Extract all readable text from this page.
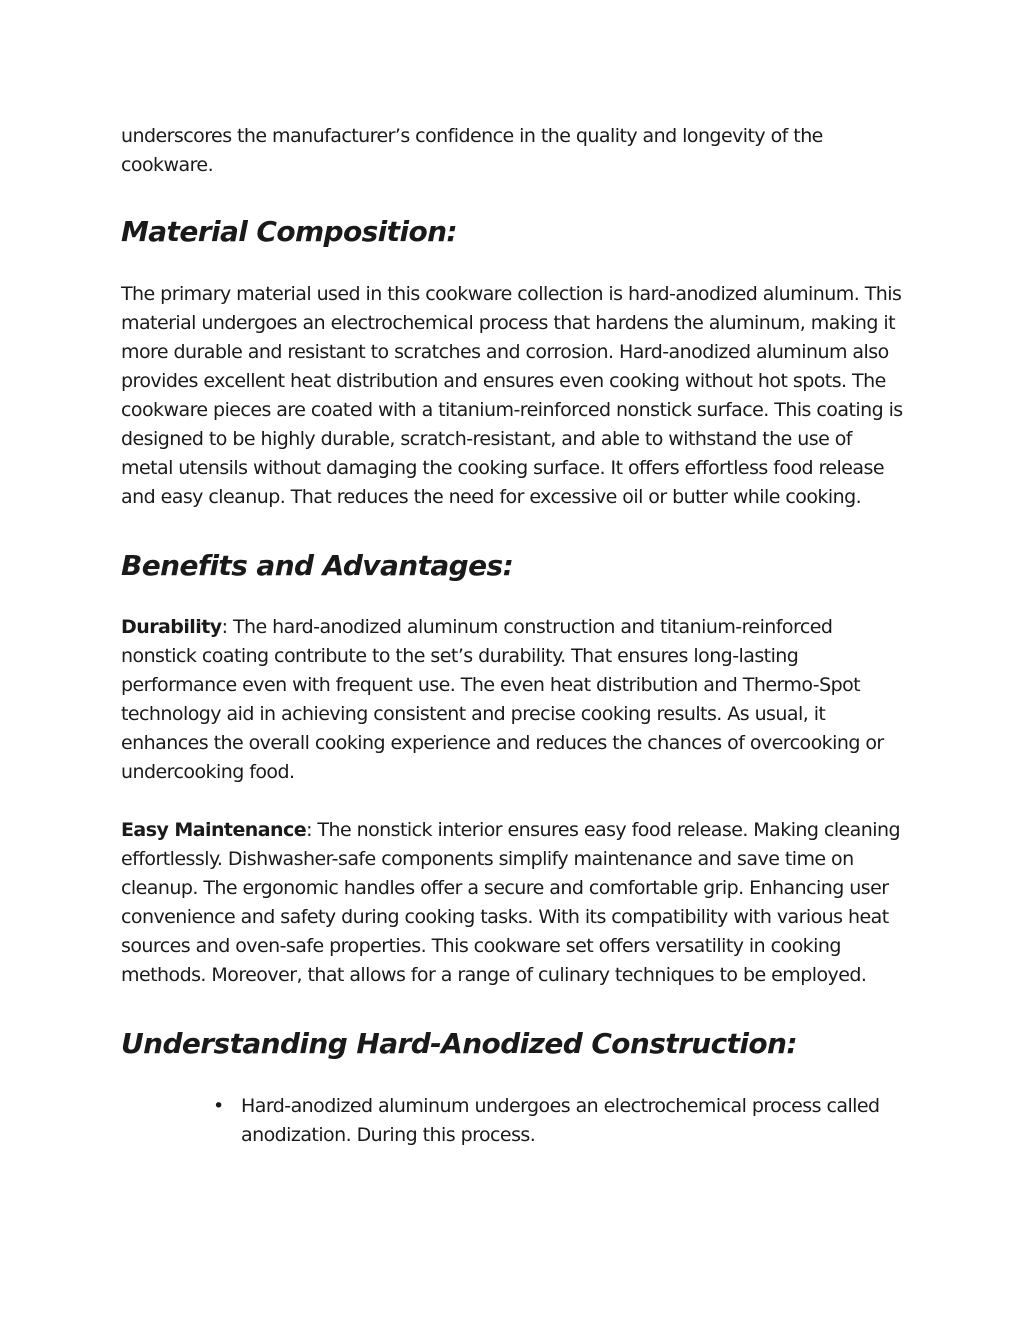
underscores the manufacturer’s confidence in the quality and longevity of the cookware.

Material Composition:

The primary material used in this cookware collection is hard-anodized aluminum. This material undergoes an electrochemical process that hardens the aluminum, making it more durable and resistant to scratches and corrosion. Hard-anodized aluminum also provides excellent heat distribution and ensures even cooking without hot spots. The cookware pieces are coated with a titanium-reinforced nonstick surface. This coating is designed to be highly durable, scratch-resistant, and able to withstand the use of metal utensils without damaging the cooking surface. It offers effortless food release and easy cleanup. That reduces the need for excessive oil or butter while cooking.

Benefits and Advantages:

Durability: The hard-anodized aluminum construction and titanium-reinforced nonstick coating contribute to the set’s durability. That ensures long-lasting performance even with frequent use. The even heat distribution and Thermo-Spot technology aid in achieving consistent and precise cooking results. As usual, it enhances the overall cooking experience and reduces the chances of overcooking or undercooking food.

Easy Maintenance: The nonstick interior ensures easy food release. Making cleaning effortlessly. Dishwasher-safe components simplify maintenance and save time on cleanup. The ergonomic handles offer a secure and comfortable grip. Enhancing user convenience and safety during cooking tasks. With its compatibility with various heat sources and oven-safe properties. This cookware set offers versatility in cooking methods. Moreover, that allows for a range of culinary techniques to be employed.

Understanding Hard-Anodized Construction:
• Hard-anodized aluminum undergoes an electrochemical process called anodization. During this process.
